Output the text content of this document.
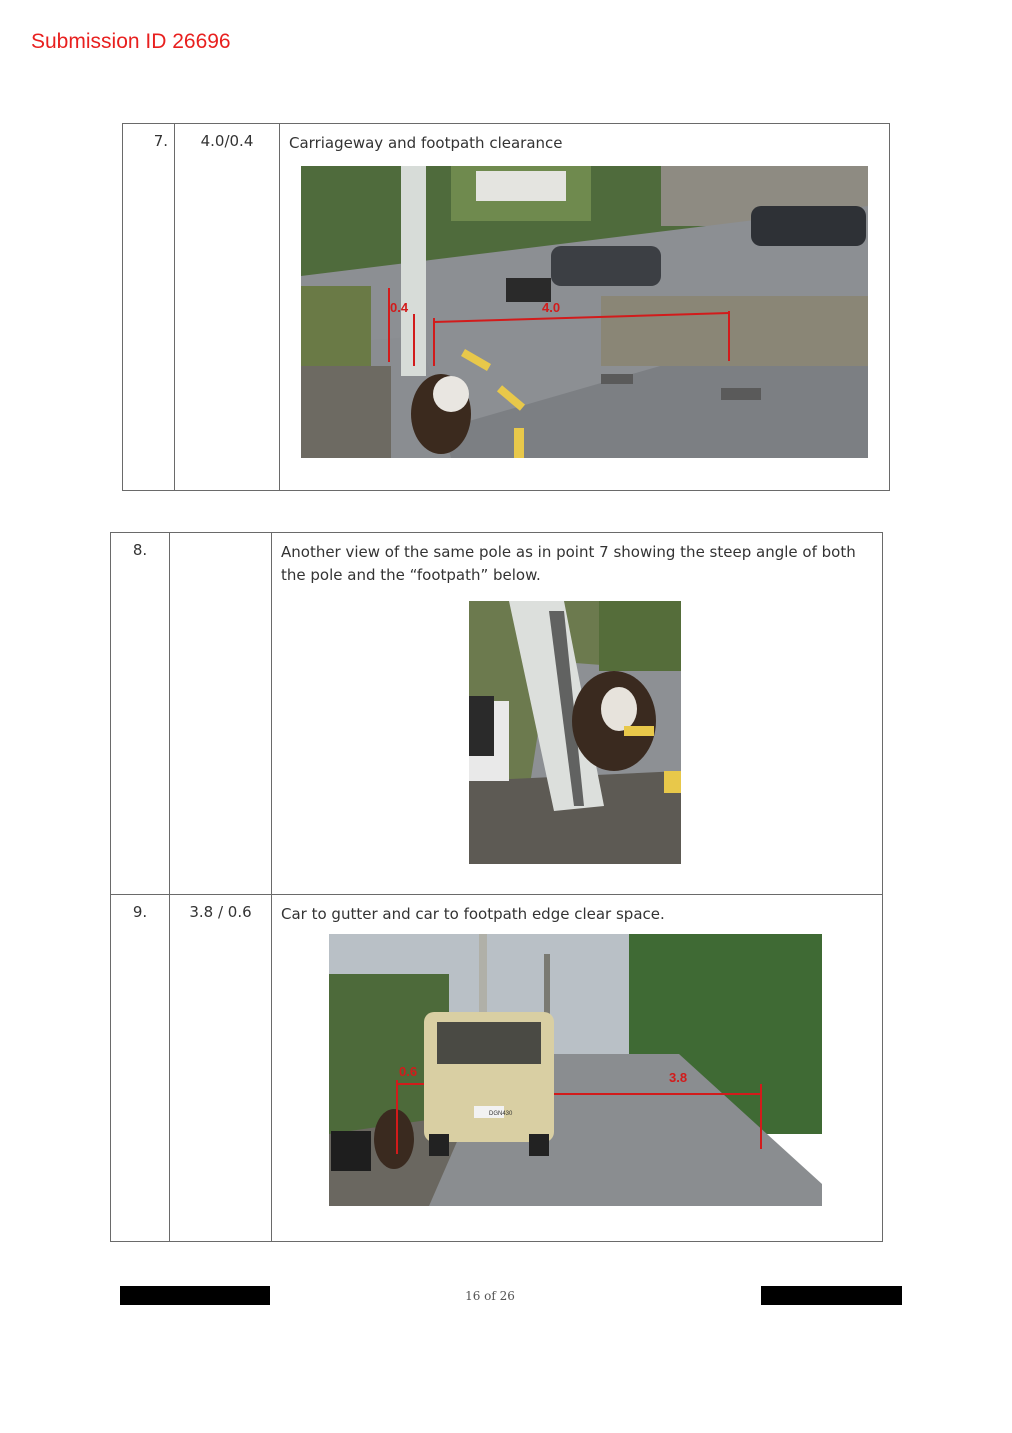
Submission ID 26696
7.	4.0/0.4	Carriageway and footpath clearance
0.4	4.0
8.		Another view of the same pole as in point 7 showing the steep angle of both the pole and the “footpath” below.

9.	3.8 / 0.6	Car to gutter and car to footpath edge clear space.
0.6 3.8
DGN430
16 of 26
